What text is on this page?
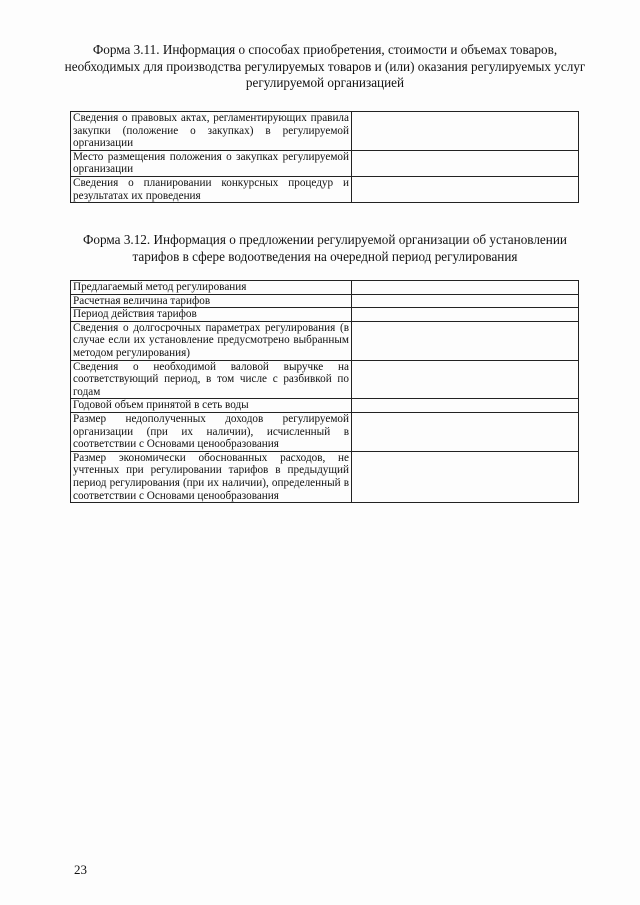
Форма 3.11. Информация о способах приобретения, стоимости и объемах товаров, необходимых для производства регулируемых товаров и (или) оказания регулируемых услуг регулируемой организацией
Сведения о правовых актах, регламентирующих правила закупки (положение о закупках) в регулируемой организации	
Место размещения положения о закупках регулируемой организации	
Сведения о планировании конкурсных процедур и результатах их проведения	
Форма 3.12. Информация о предложении регулируемой организации об установлении тарифов в сфере водоотведения на очередной период регулирования
Предлагаемый метод регулирования	
Расчетная величина тарифов	
Период действия тарифов	
Сведения о долгосрочных параметрах регулирования (в случае если их установление предусмотрено выбранным методом регулирования)	
Сведения о необходимой валовой выручке на соответствующий период, в том числе с разбивкой по годам	
Годовой объем принятой в сеть воды	
Размер недополученных доходов регулируемой организации (при их наличии), исчисленный в соответствии с Основами ценообразования	
Размер экономически обоснованных расходов, не учтенных при регулировании тарифов в предыдущий период регулирования (при их наличии), определенный в соответствии с Основами ценообразования	
23
